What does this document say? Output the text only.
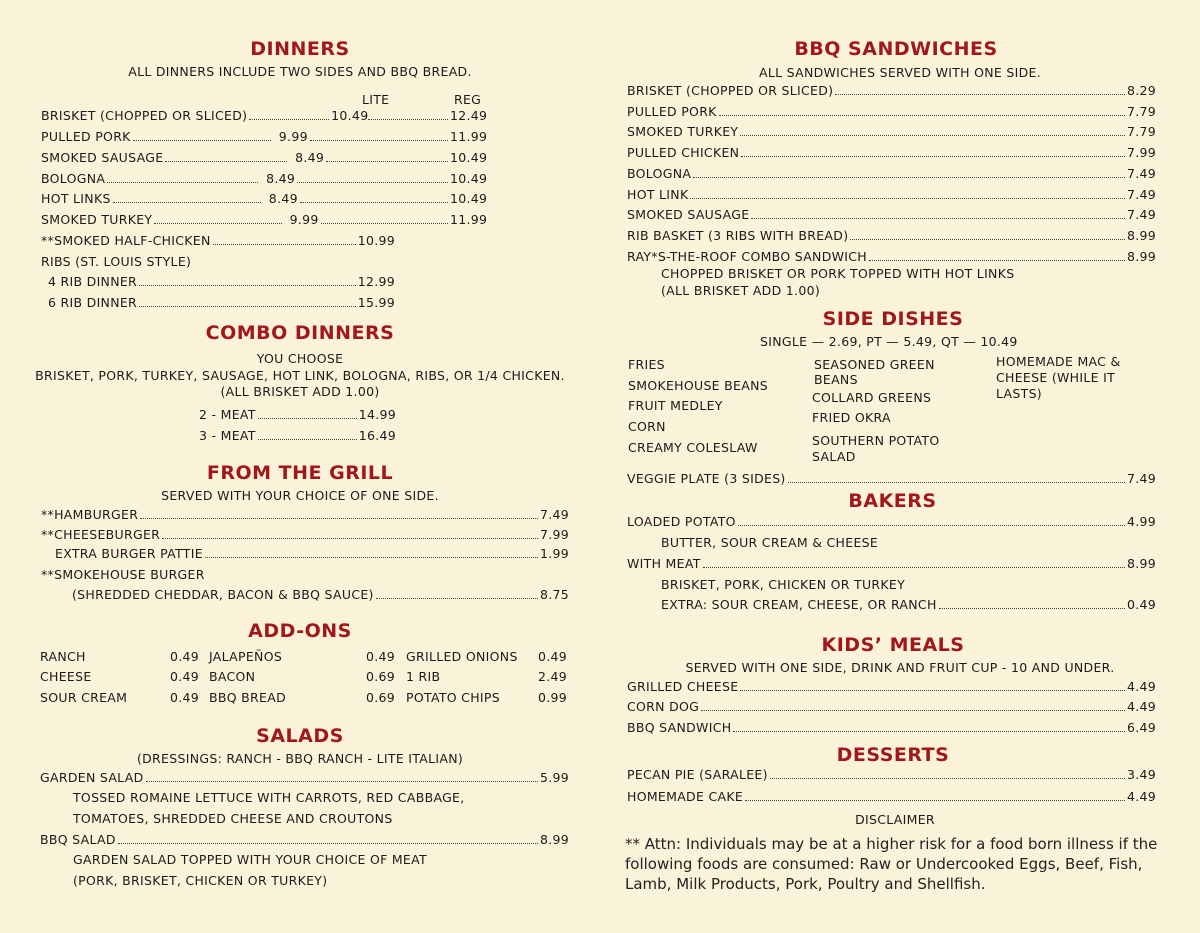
DINNERS
ALL DINNERS INCLUDE TWO SIDES AND BBQ BREAD.
LITE	REG
BRISKET (CHOPPED OR SLICED)	10.49	12.49
PULLED PORK	9.99	11.99
SMOKED SAUSAGE	8.49	10.49
BOLOGNA	8.49	10.49
HOT LINKS	8.49	10.49
SMOKED TURKEY	9.99	11.99
**SMOKED HALF-CHICKEN	10.99
RIBS (ST. LOUIS STYLE)
4 RIB DINNER	12.99
6 RIB DINNER	15.99
COMBO DINNERS
YOU CHOOSE
BRISKET, PORK, TURKEY, SAUSAGE, HOT LINK, BOLOGNA, RIBS, OR 1/4 CHICKEN.
(ALL BRISKET ADD 1.00)
2 - MEAT	14.99
3 - MEAT	16.49
FROM THE GRILL
SERVED WITH YOUR CHOICE OF ONE SIDE.
**HAMBURGER	7.49
**CHEESEBURGER	7.99
EXTRA BURGER PATTIE	1.99
**SMOKEHOUSE BURGER
(SHREDDED CHEDDAR, BACON & BBQ SAUCE)	8.75
ADD-ONS
RANCH	0.49 JALAPEÑOS	0.49 GRILLED ONIONS 0.49
CHEESE	0.49 BACON	0.69 1 RIB	2.49
SOUR CREAM	0.49 BBQ BREAD	0.69 POTATO CHIPS	0.99
SALADS
(DRESSINGS: RANCH - BBQ RANCH - LITE ITALIAN)
GARDEN SALAD	5.99
TOSSED ROMAINE LETTUCE WITH CARROTS, RED CABBAGE,
TOMATOES, SHREDDED CHEESE AND CROUTONS
BBQ SALAD	8.99
GARDEN SALAD TOPPED WITH YOUR CHOICE OF MEAT
(PORK, BRISKET, CHICKEN OR TURKEY)
BBQ SANDWICHES
ALL SANDWICHES SERVED WITH ONE SIDE.
BRISKET (CHOPPED OR SLICED)	8.29
PULLED PORK	7.79
SMOKED TURKEY	7.79
PULLED CHICKEN	7.99
BOLOGNA	7.49
HOT LINK	7.49
SMOKED SAUSAGE	7.49
RIB BASKET (3 RIBS WITH BREAD)	8.99
RAY*S-THE-ROOF COMBO SANDWICH	8.99
CHOPPED BRISKET OR PORK TOPPED WITH HOT LINKS
(ALL BRISKET ADD 1.00)
SIDE DISHES
SINGLE — 2.69, PT — 5.49, QT — 10.49
FRIES
SMOKEHOUSE BEANS
FRUIT MEDLEY
CORN
CREAMY COLESLAW
SEASONED GREEN
BEANS
COLLARD GREENS
FRIED OKRA
SOUTHERN POTATO
SALAD
HOMEMADE MAC &
CHEESE (WHILE IT
LASTS)
VEGGIE PLATE (3 SIDES)	7.49
BAKERS
LOADED POTATO	4.99
BUTTER, SOUR CREAM & CHEESE
WITH MEAT	8.99
BRISKET, PORK, CHICKEN OR TURKEY
EXTRA: SOUR CREAM, CHEESE, OR RANCH	0.49
KIDS’ MEALS
SERVED WITH ONE SIDE, DRINK AND FRUIT CUP - 10 AND UNDER.
GRILLED CHEESE	4.49
CORN DOG	4.49
BBQ SANDWICH	6.49
DESSERTS
PECAN PIE (SARALEE)	3.49
HOMEMADE CAKE	4.49
DISCLAIMER
** Attn: Individuals may be at a higher risk for a food born illness if the following foods are consumed: Raw or Undercooked Eggs, Beef, Fish, Lamb, Milk Products, Pork, Poultry and Shellfish.
